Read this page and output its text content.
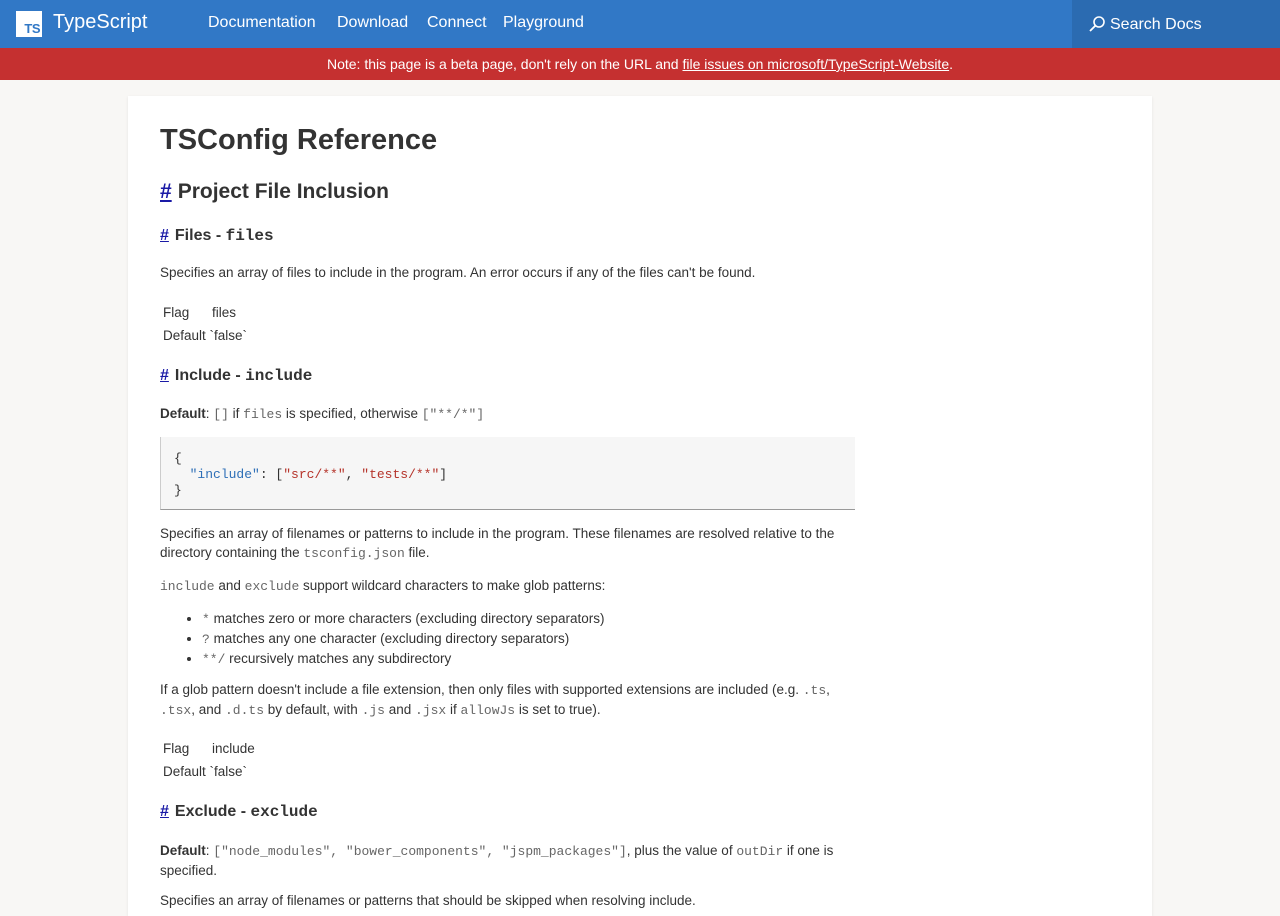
TS TypeScript	Documentation Download Connect Playground	Search Docs
Note: this page is a beta page, don't rely on the URL and file issues on microsoft/TypeScript-Website.
TSConfig Reference
# Project File Inclusion
# Files - files
Specifies an array of files to include in the program. An error occurs if any of the files can't be found.
Flag files
Default `false`
# Include - include
Default: [] if files is specified, otherwise ["**/*"]
{
"include": ["src/**", "tests/**"]
}
Specifies an array of filenames or patterns to include in the program. These filenames are resolved relative to the directory containing the tsconfig.json file.
include and exclude support wildcard characters to make glob patterns:
• * matches zero or more characters (excluding directory separators)
• ? matches any one character (excluding directory separators)
• **/ recursively matches any subdirectory
If a glob pattern doesn't include a file extension, then only files with supported extensions are included (e.g. .ts, .tsx, and .d.ts by default, with .js and .jsx if allowJs is set to true).
Flag include
Default `false`
# Exclude - exclude
Default: ["node_modules", "bower_components", "jspm_packages"], plus the value of outDir if one is specified.
Specifies an array of filenames or patterns that should be skipped when resolving include.
